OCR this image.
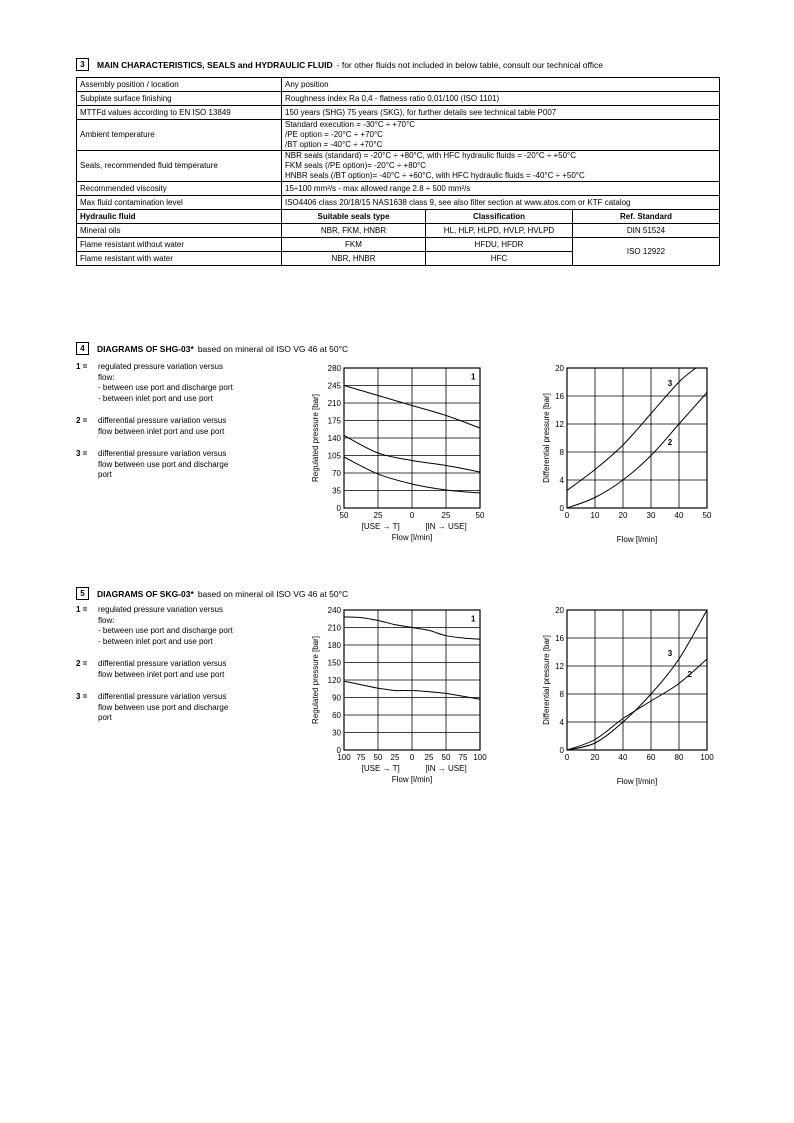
3	MAIN CHARACTERISTICS, SEALS and HYDRAULIC FLUID - for other fluids not included in below table, consult our technical office
Assembly position / location	Any position		

Subplate surface finishing	Roughness index Ra 0,4 - flatness ratio 0,01/100 (ISO 1101)		

MTTFd values according to EN ISO 13849	150 years (SHG) 75 years (SKG), for further details see technical table P007		

Ambient temperature	Standard execution = -30°C ÷ +70°C
/PE option = -20°C ÷ +70°C
/BT option = -40°C ÷ +70°C		

Seals, recommended fluid temperature	NBR seals (standard) = -20°C ÷ +80°C, with HFC hydraulic fluids = -20°C ÷ +50°C
FKM seals (/PE option)= -20°C ÷ +80°C
HNBR seals (/BT option)= -40°C ÷ +60°C, with HFC hydraulic fluids = -40°C ÷ +50°C		

Recommended viscosity	15÷100 mm²/s - max allowed range 2.8 ÷ 500 mm²/s		

Max fluid contamination level	ISO4406 class 20/18/15 NAS1638 class 9, see also filter section at www.atos.com or KTF catalog		

Hydraulic fluid	Suitable seals type	Classification	Ref. Standard
Mineral oils	NBR, FKM, HNBR	HL, HLP, HLPD, HVLP, HVLPD	DIN 51524
Flame resistant without water	FKM	HFDU, HFDR	ISO 12922
Flame resistant with water	NBR, HNBR	HFC	
4	DIAGRAMS OF SHG-03* based on mineral oil ISO VG 46 at 50°C
1 =	regulated pressure variation versus
flow:
- between use port and discharge port
- between inlet port and use port
2 =	differential pressure variation versus
flow between inlet port and use port
3 =	differential pressure variation versus
flow between use port and discharge
port
0
35
70
105
140
175
210
245
280
50	25	0	25	50
1
[USE → T]	[IN → USE]
Flow [l/min]
Regulated pressure [bar]
0
4
8
12
16
20
0	10 20 30 40 50
3
2
Flow [l/min]
Differential pressure [bar]
5	DIAGRAMS OF SKG-03* based on mineral oil ISO VG 46 at 50°C
1 =	regulated pressure variation versus
flow:
- between use port and discharge port
- between inlet port and use port
2 =	differential pressure variation versus
flow between inlet port and use port
3 =	differential pressure variation versus
flow between use port and discharge
port
0
30
60
90
120
150
180
210
240
100 75 50 25 0 25 50 75 100
1
[USE → T]	[IN → USE]
Flow [l/min]
Regulated pressure [bar]
0
4
8
12
16
20
0	20 40 60 80 100
3
2
Flow [l/min]
Differential pressure [bar]
